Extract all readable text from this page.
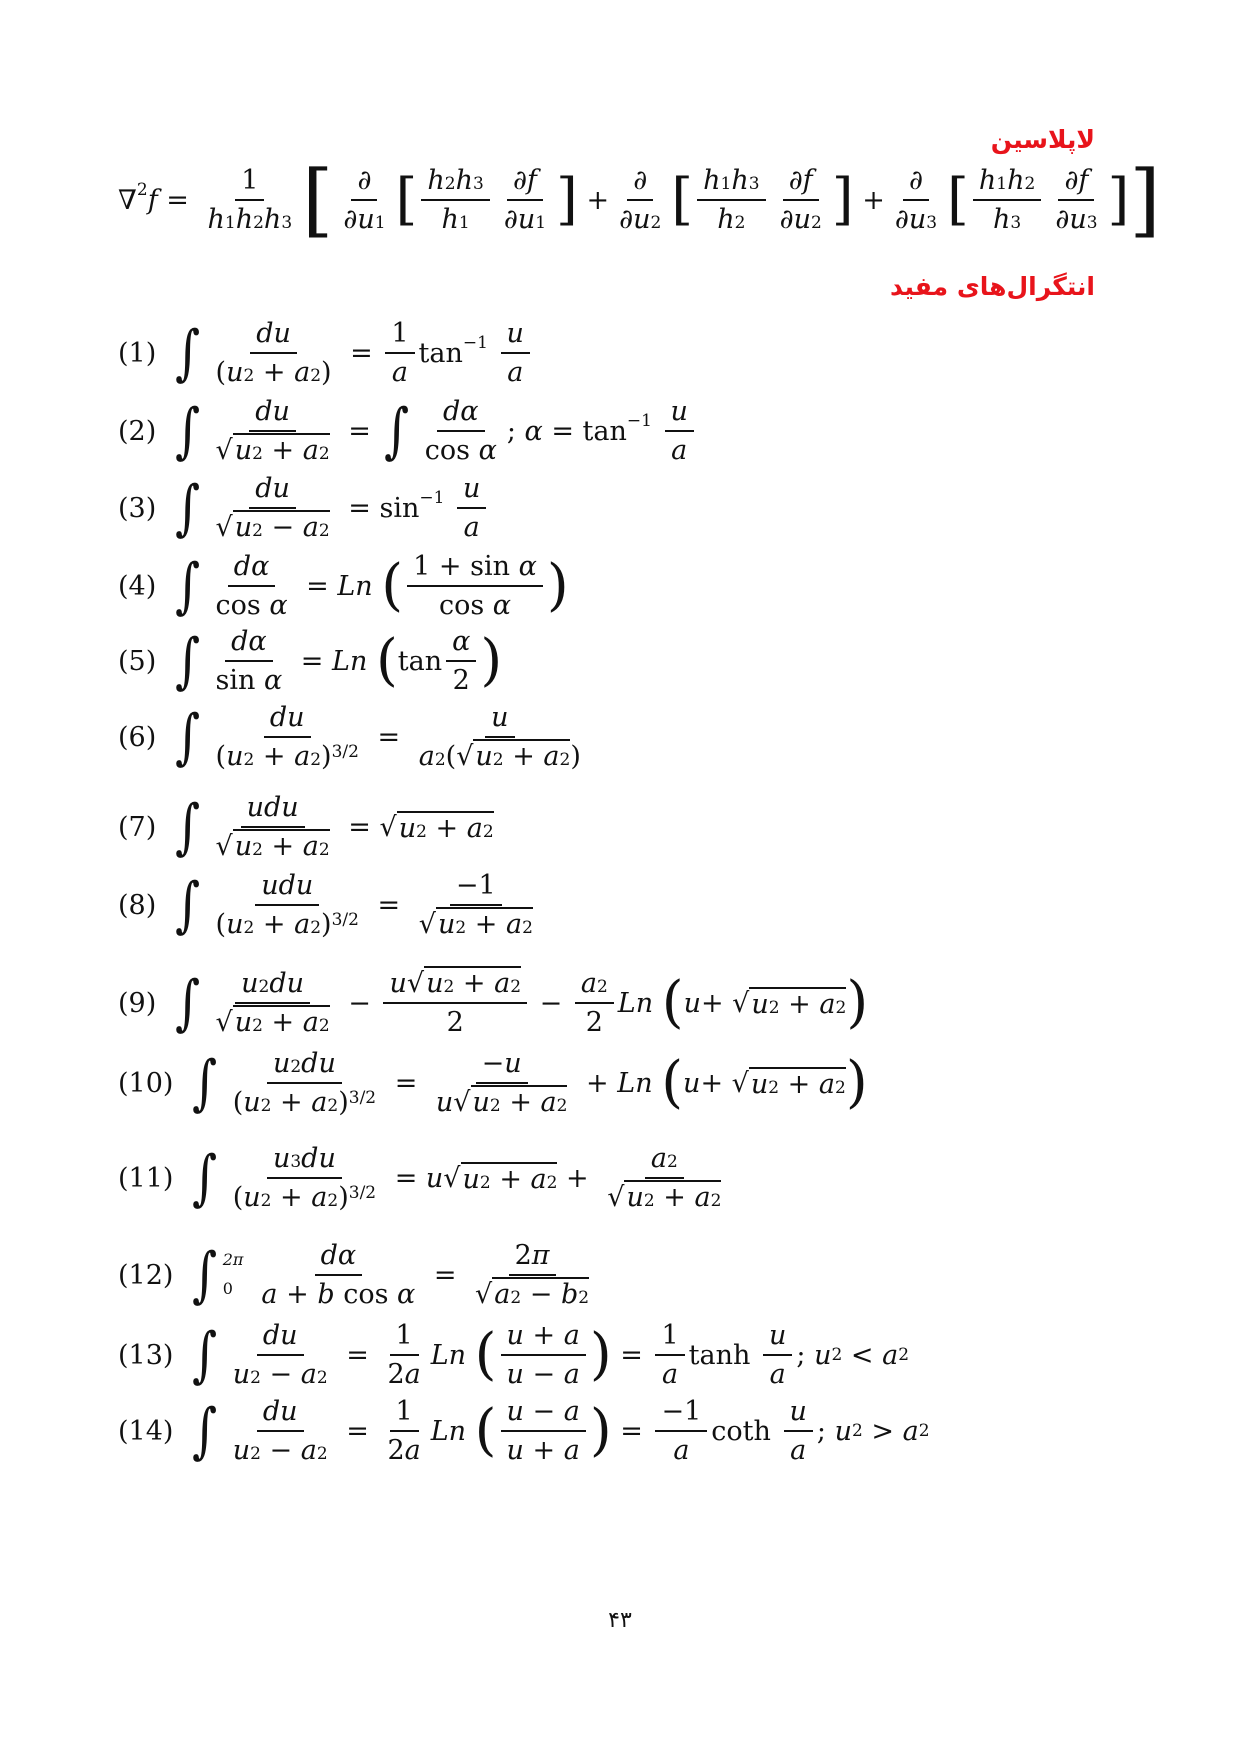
لاپلاسین
∇ 2 $f = \frac{1}{h1h2h3}$ [ $\frac{\partial}{\partial u1}$ [ $\frac{h2h3}{h1} \frac{\partial f}{\partial u1}$ ] + $\frac{\partial}{\partial u2}$ [ $\frac{h1h3}{h2} \frac{\partial f}{\partial u2}$ ] + $\frac{\partial}{\partial u3}$ [ $\frac{h1h2}{h3} \frac{\partial f}{\partial u3}$ ] ]
انتگرال‌های مفید
(1) ∫ $\frac{du}{(u2 + a2)} = \frac{1}{a}$ tan −1
$\frac{u}{a}$
(2) ∫ $\frac{du}{√u2 + a2}$ = ∫ $\frac{d\alpha}{\text{cos α}}$ ; α = tan −1
$\frac{u}{a}$
(3) ∫ $\frac{du}{√u2 - a2} = \sin -1$
$\frac{u}{a}$
(4) ∫ $\frac{d\alpha}{\text{cos α}} = Ln$
( $\frac{\text{1 + sin α}}{\text{cos α}}$ )
(5) ∫ $\frac{d\alpha}{\text{sin α}} = Ln$
( $\tan \frac{\alpha}{2}$ )
(6) ∫ $\frac{du}{(u2 + a2)^{3/2}} = \frac{u}{a2(√u2 + a2)}$
(7) ∫ $\frac{\text{udu}}{√u2 + a2}$ = √ u2 + a2
(8) ∫ $\frac{\text{udu}}{(u2 + a2)^{3/2}} = \frac{-1}{√u2 + a2}$
(9) ∫ $\frac{u2du}{√u2 + a2} - \frac{u√u2 + a2}{2} - \frac{a2}{2}$ Ln
( u + √ u2 + a2 )
(10) ∫ $\frac{u2du}{(u2 + a2)^{3/2}} = \frac{-u}{u√u2 + a2} + Ln$
( u + √ u2 + a2 )
(11) ∫ $\frac{u3du}{(u2 + a2)^{3/2}} = u$ √ $u2 + a2 + \frac{a2}{√u2 + a2}$
(12) ∫ 2π
$0 \frac{d\alpha}{\text{a + b cos α}} = \frac{2\pi}{√a2 - b2}$
(13) ∫ $\frac{du}{u2 - a2} = \frac{1}{2a}$ Ln
( $\frac{u + a}{u - a}$ ) = $\frac{1}{a}$ $\tanh \frac{u}{a}$ ; u 2 < a 2
(14) ∫ $\frac{du}{u2 - a2} = \frac{1}{2a}$ Ln
( $\frac{u - a}{u + a}$ ) = $\frac{-1}{a}$ coth $\frac{u}{a}$ ; u 2 > a 2
۴۳
